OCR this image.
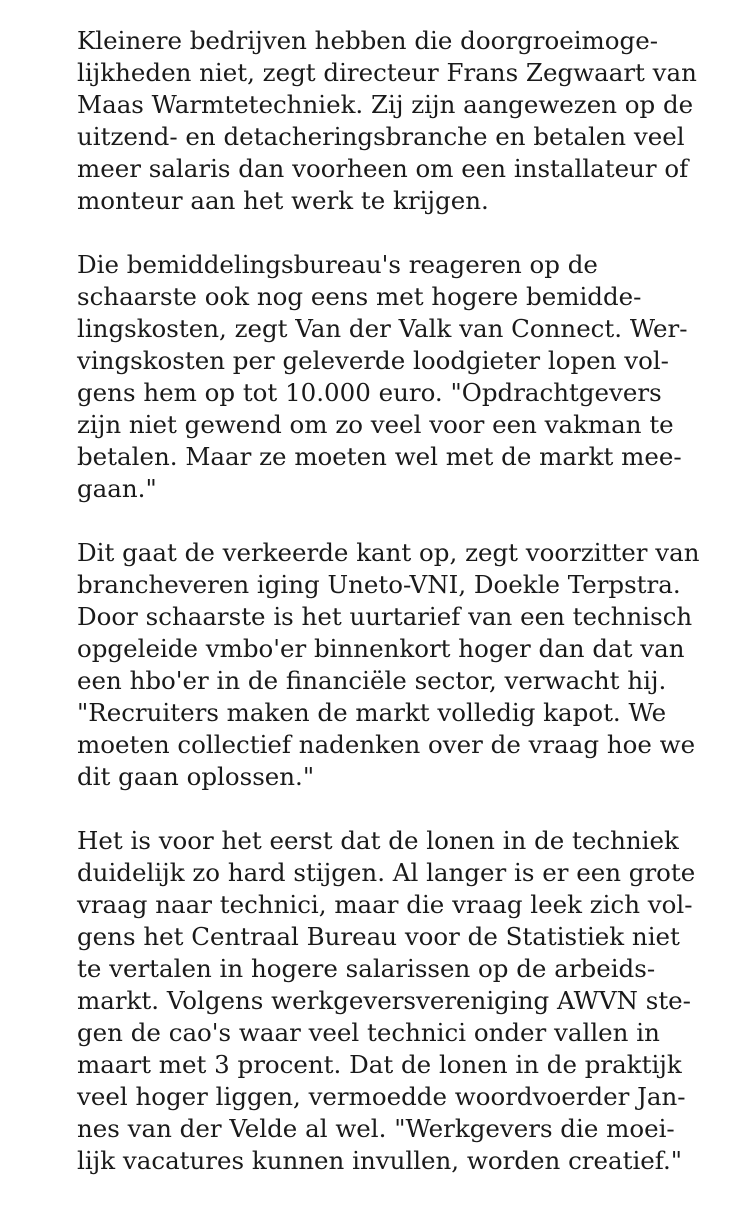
Kleinere bedrijven hebben die doorgroeimoge-
lijkheden niet, zegt directeur Frans Zegwaart van
Maas Warmtetechniek. Zij zijn aangewezen op de
uitzend- en detacheringsbranche en betalen veel
meer salaris dan voorheen om een installateur of
monteur aan het werk te krijgen.

Die bemiddelingsbureau's reageren op de
schaarste ook nog eens met hogere bemidde-
lingskosten, zegt Van der Valk van Connect. Wer-
vingskosten per geleverde loodgieter lopen vol-
gens hem op tot 10.000 euro. "Opdrachtgevers
zijn niet gewend om zo veel voor een vakman te
betalen. Maar ze moeten wel met de markt mee-
gaan."

Dit gaat de verkeerde kant op, zegt voorzitter van
brancheveren iging Uneto-VNI, Doekle Terpstra.
Door schaarste is het uurtarief van een technisch
opgeleide vmbo'er binnenkort hoger dan dat van
een hbo'er in de financiële sector, verwacht hij.
"Recruiters maken de markt volledig kapot. We
moeten collectief nadenken over de vraag hoe we
dit gaan oplossen."

Het is voor het eerst dat de lonen in de techniek
duidelijk zo hard stijgen. Al langer is er een grote
vraag naar technici, maar die vraag leek zich vol-
gens het Centraal Bureau voor de Statistiek niet
te vertalen in hogere salarissen op de arbeids-
markt. Volgens werkgeversvereniging AWVN ste-
gen de cao's waar veel technici onder vallen in
maart met 3 procent. Dat de lonen in de praktijk
veel hoger liggen, vermoedde woordvoerder Jan-
nes van der Velde al wel. "Werkgevers die moei-
lijk vacatures kunnen invullen, worden creatief."
